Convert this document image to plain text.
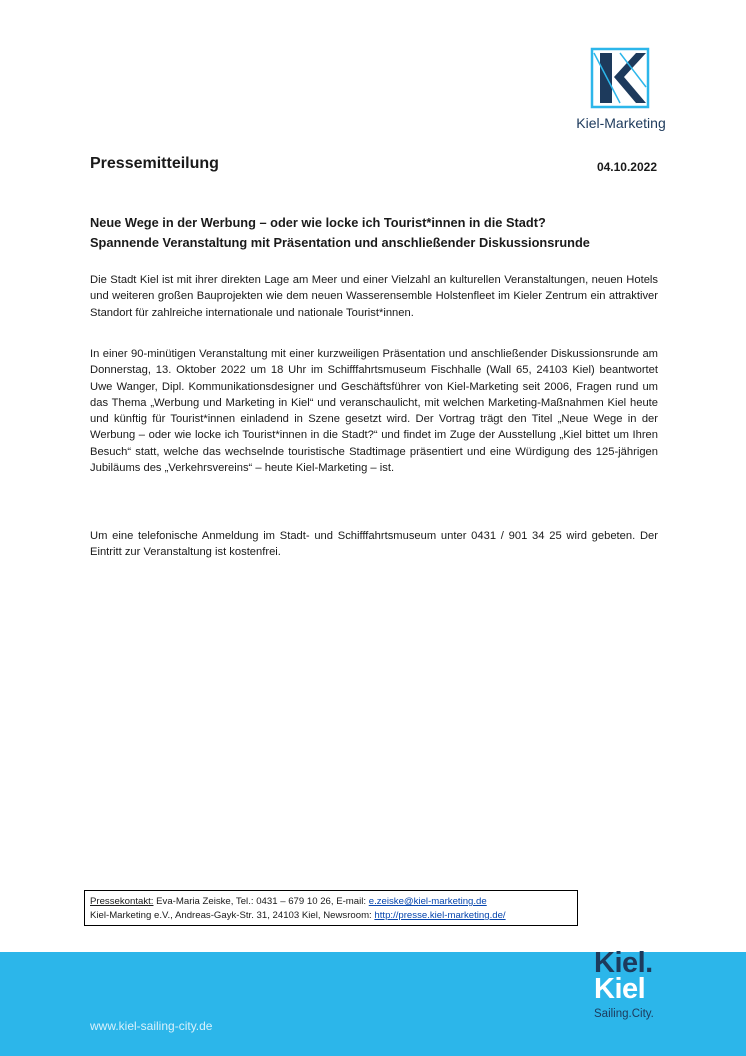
Kiel-Marketing
Pressemitteilung	04.10.2022
Neue Wege in der Werbung – oder wie locke ich Tourist*innen in die Stadt?
Spannende Veranstaltung mit Präsentation und anschließender Diskussionsrunde
Die Stadt Kiel ist mit ihrer direkten Lage am Meer und einer Vielzahl an kulturellen Veranstaltungen, neuen Hotels und weiteren großen Bauprojekten wie dem neuen Wasserensemble Holstenfleet im Kieler Zentrum ein attraktiver Standort für zahlreiche internationale und nationale Tourist*innen.
In einer 90-minütigen Veranstaltung mit einer kurzweiligen Präsentation und anschließender Diskussionsrunde am Donnerstag, 13. Oktober 2022 um 18 Uhr im Schifffahrtsmuseum Fischhalle (Wall 65, 24103 Kiel) beantwortet Uwe Wanger, Dipl. Kommunikationsdesigner und Geschäftsführer von Kiel-Marketing seit 2006, Fragen rund um das Thema „Werbung und Marketing in Kiel“ und veranschaulicht, mit welchen Marketing-Maßnahmen Kiel heute und künftig für Tourist*innen einladend in Szene gesetzt wird. Der Vortrag trägt den Titel „Neue Wege in der Werbung – oder wie locke ich Tourist*innen in die Stadt?“ und findet im Zuge der Ausstellung „Kiel bittet um Ihren Besuch“ statt, welche das wechselnde touristische Stadtimage präsentiert und eine Würdigung des 125-jährigen Jubiläums des „Verkehrsvereins“ – heute Kiel-Marketing – ist.
Um eine telefonische Anmeldung im Stadt- und Schifffahrtsmuseum unter 0431 / 901 34 25 wird gebeten. Der Eintritt zur Veranstaltung ist kostenfrei.
Pressekontakt: Eva-Maria Zeiske, Tel.: 0431 – 679 10 26, E-mail: e.zeiske@kiel-marketing.de
Kiel-Marketing e.V., Andreas-Gayk-Str. 31, 24103 Kiel, Newsroom: http://presse.kiel-marketing.de/
www.kiel-sailing-city.de
Kiel.
Kiel
Sailing.City.
